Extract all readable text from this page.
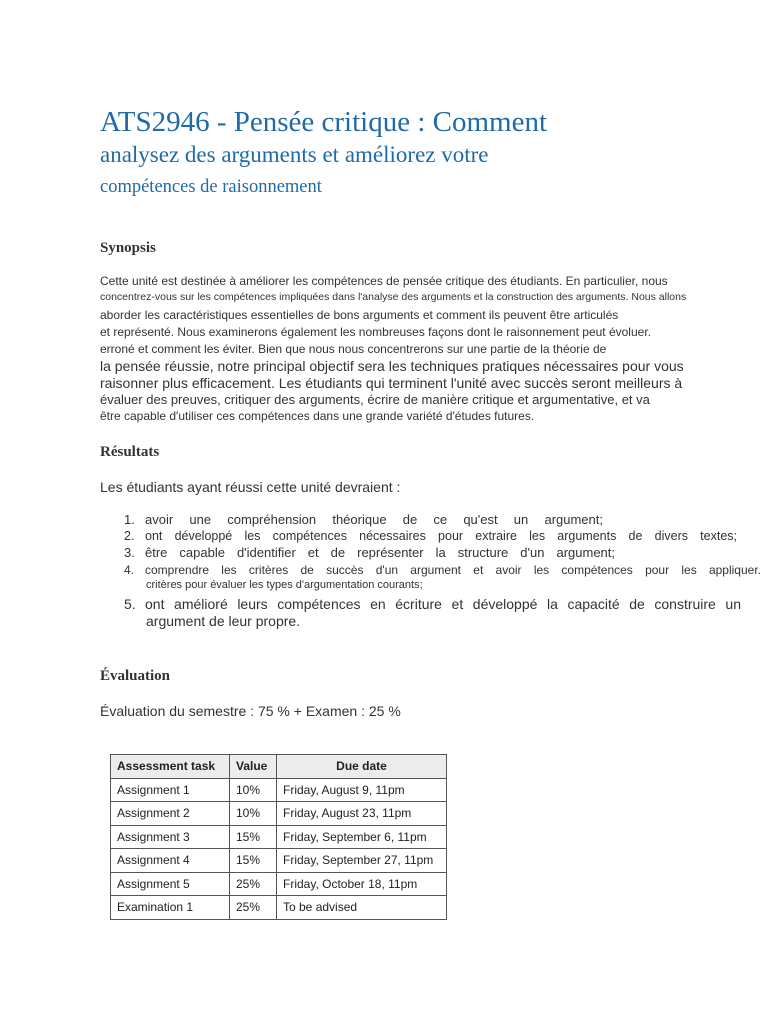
ATS2946 - Pensée critique : Comment
analysez des arguments et améliorez votre
compétences de raisonnement
Synopsis
Cette unité est destinée à améliorer les compétences de pensée critique des étudiants. En particulier, nous
concentrez-vous sur les compétences impliquées dans l'analyse des arguments et la construction des arguments. Nous allons
aborder les caractéristiques essentielles de bons arguments et comment ils peuvent être articulés
et représenté. Nous examinerons également les nombreuses façons dont le raisonnement peut évoluer.
erroné et comment les éviter. Bien que nous nous concentrerons sur une partie de la théorie de
la pensée réussie, notre principal objectif sera les techniques pratiques nécessaires pour vous
raisonner plus efficacement. Les étudiants qui terminent l'unité avec succès seront meilleurs à
évaluer des preuves, critiquer des arguments, écrire de manière critique et argumentative, et va
être capable d'utiliser ces compétences dans une grande variété d'études futures.
Résultats
Les étudiants ayant réussi cette unité devraient :
1. avoir une compréhension théorique de ce qu'est un argument;
2. ont développé les compétences nécessaires pour extraire les arguments de divers textes;
3. être capable d'identifier et de représenter la structure d'un argument;
4. comprendre les critères de succès d'un argument et avoir les compétences pour les appliquer.
critères pour évaluer les types d'argumentation courants;
5. ont amélioré leurs compétences en écriture et développé la capacité de construire un
argument de leur propre.
Évaluation
Évaluation du semestre : 75 % + Examen : 25 %
Assessment task	Value	Due date
Assignment 1	10%	Friday, August 9, 11pm
Assignment 2	10%	Friday, August 23, 11pm
Assignment 3	15%	Friday, September 6, 11pm
Assignment 4	15%	Friday, September 27, 11pm
Assignment 5	25%	Friday, October 18, 11pm
Examination 1	25%	To be advised
